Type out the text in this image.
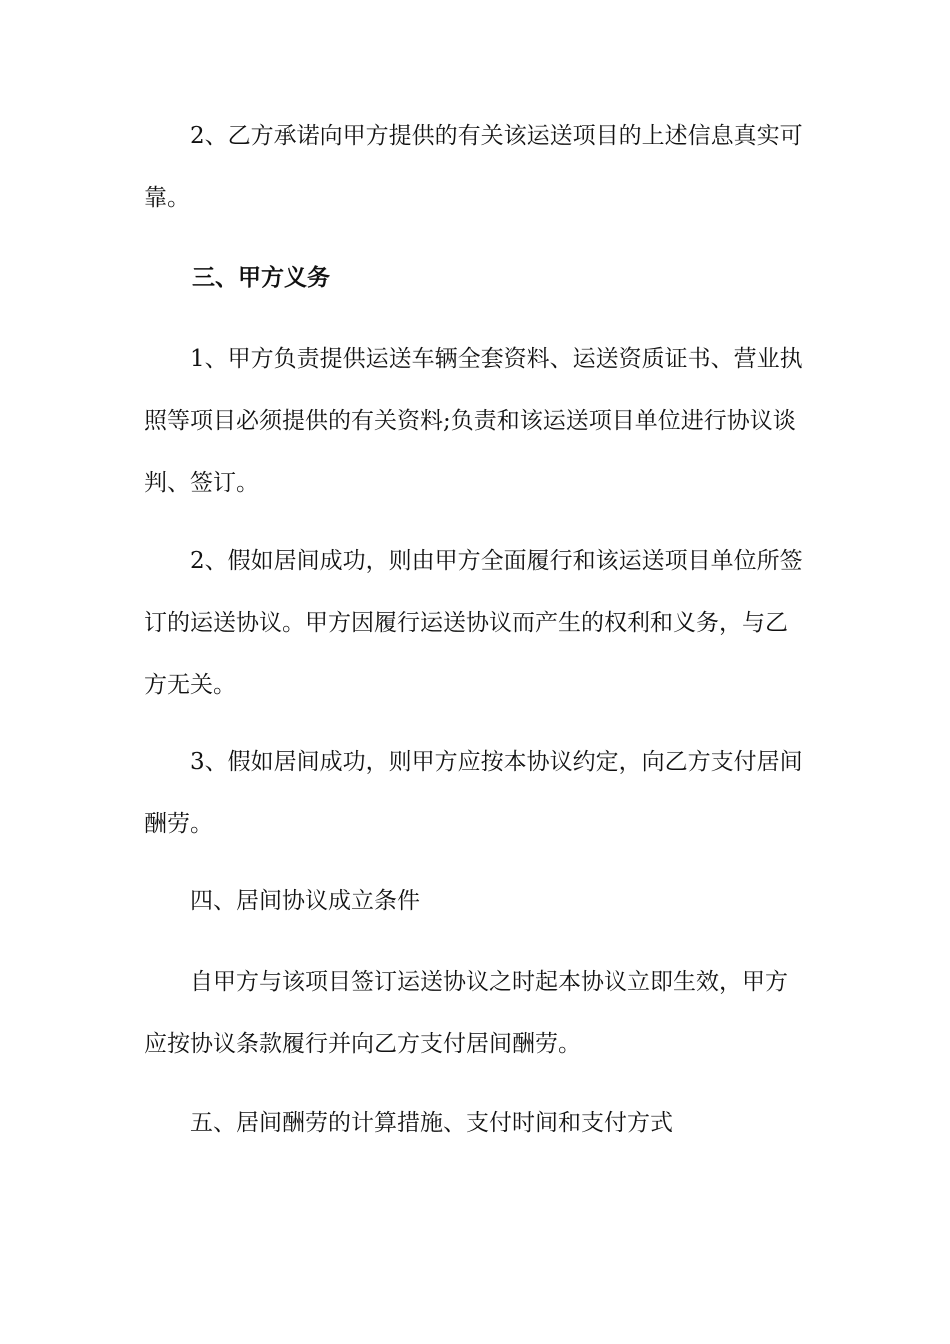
2、乙方承诺向甲方提供的有关该运送项目的上述信息真实可靠。

三、甲方义务

1、甲方负责提供运送车辆全套资料、运送资质证书、营业执照等项目必须提供的有关资料;负责和该运送项目单位进行协议谈判、签订。

2、假如居间成功，则由甲方全面履行和该运送项目单位所签订的运送协议。甲方因履行运送协议而产生的权利和义务，与乙方无关。

3、假如居间成功，则甲方应按本协议约定，向乙方支付居间酬劳。

四、居间协议成立条件

自甲方与该项目签订运送协议之时起本协议立即生效，甲方应按协议条款履行并向乙方支付居间酬劳。

五、居间酬劳的计算措施、支付时间和支付方式
